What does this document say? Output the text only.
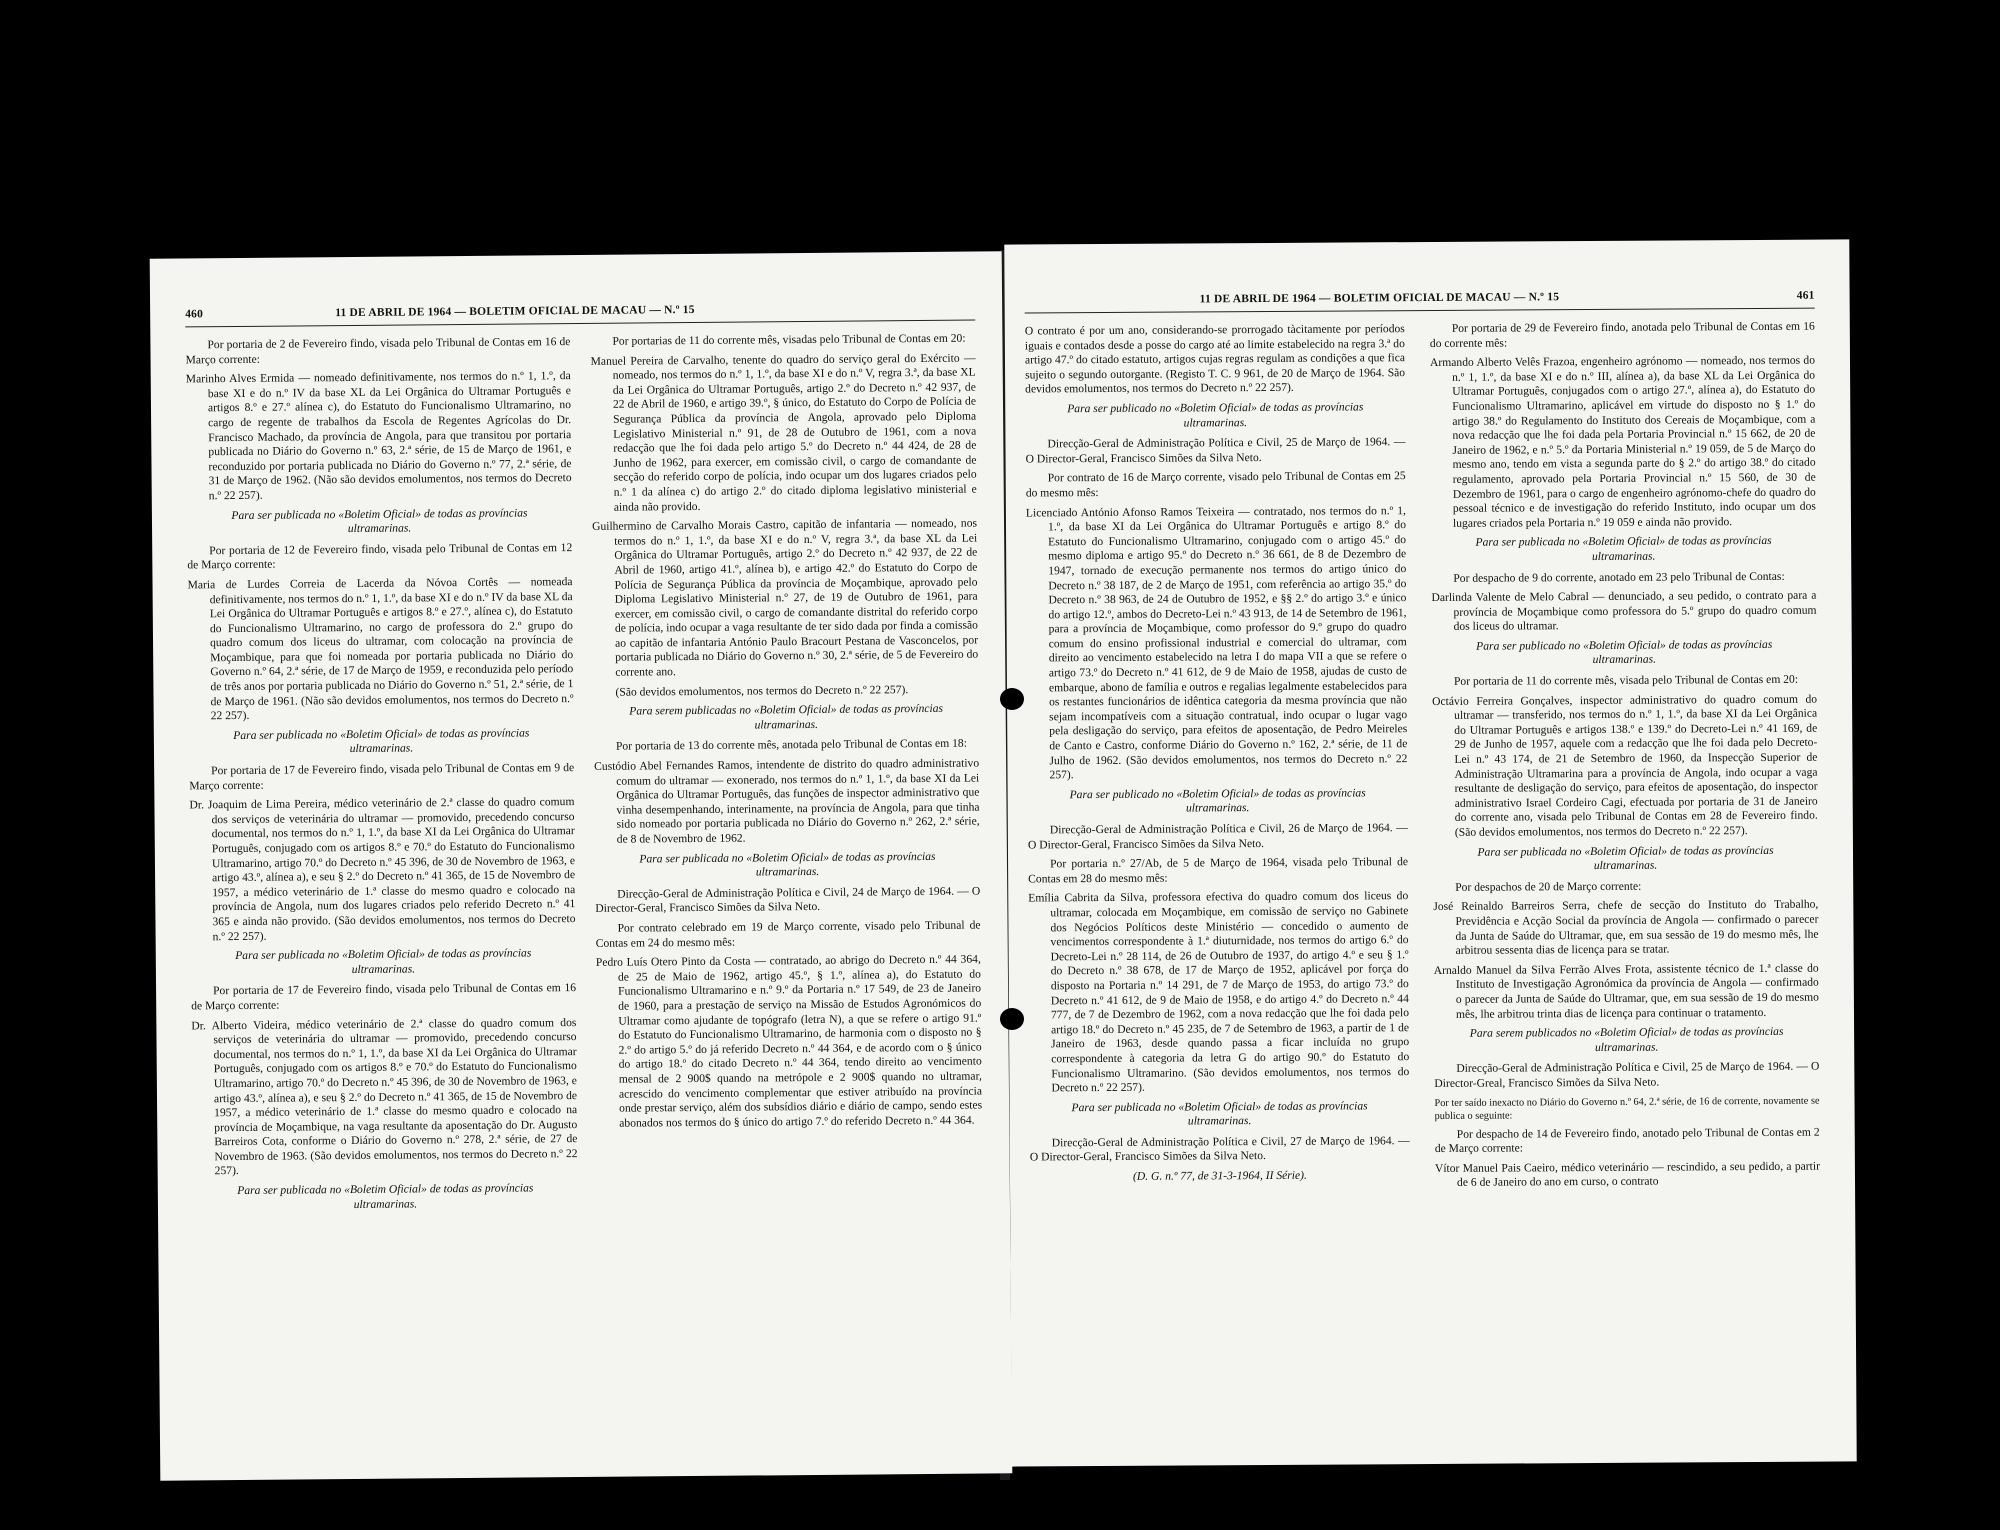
460	11 DE ABRIL DE 1964 — BOLETIM OFICIAL DE MACAU — N.º 15

Por portaria de 2 de Fevereiro findo, visada pelo Tribunal de Contas em 16 de Março corrente:

Marinho Alves Ermida — nomeado definitivamente, nos termos do n.º 1, 1.º, da base XI e do n.º IV da base XL da Lei Orgânica do Ultramar Português e artigos 8.º e 27.º alínea c), do Estatuto do Funcionalismo Ultramarino, no cargo de regente de trabalhos da Escola de Regentes Agrícolas do Dr. Francisco Machado, da província de Angola, para que transitou por portaria publicada no Diário do Governo n.º 63, 2.ª série, de 15 de Março de 1961, e reconduzido por portaria publicada no Diário do Governo n.º 77, 2.ª série, de 31 de Março de 1962. (Não são devidos emolumentos, nos termos do Decreto n.º 22 257).

Para ser publicada no «Boletim Oficial» de todas as províncias ultramarinas.

Por portaria de 12 de Fevereiro findo, visada pelo Tribunal de Contas em 12 de Março corrente:

Maria de Lurdes Correia de Lacerda da Nóvoa Cortês — nomeada definitivamente, nos termos do n.º 1, 1.º, da base XI e do n.º IV da base XL da Lei Orgânica do Ultramar Português e artigos 8.º e 27.º, alínea c), do Estatuto do Funcionalismo Ultramarino, no cargo de professora do 2.º grupo do quadro comum dos liceus do ultramar, com colocação na província de Moçambique, para que foi nomeada por portaria publicada no Diário do Governo n.º 64, 2.ª série, de 17 de Março de 1959, e reconduzida pelo período de três anos por portaria publicada no Diário do Governo n.º 51, 2.ª série, de 1 de Março de 1961. (Não são devidos emolumentos, nos termos do Decreto n.º 22 257).

Para ser publicada no «Boletim Oficial» de todas as províncias ultramarinas.

Por portaria de 17 de Fevereiro findo, visada pelo Tribunal de Contas em 9 de Março corrente:

Dr. Joaquim de Lima Pereira, médico veterinário de 2.ª classe do quadro comum dos serviços de veterinária do ultramar — promovido, precedendo concurso documental, nos termos do n.º 1, 1.º, da base XI da Lei Orgânica do Ultramar Português, conjugado com os artigos 8.º e 70.º do Estatuto do Funcionalismo Ultramarino, artigo 70.º do Decreto n.º 45 396, de 30 de Novembro de 1963, e artigo 43.º, alínea a), e seu § 2.º do Decreto n.º 41 365, de 15 de Novembro de 1957, a médico veterinário de 1.ª classe do mesmo quadro e colocado na província de Angola, num dos lugares criados pelo referido Decreto n.º 41 365 e ainda não provido. (São devidos emolumentos, nos termos do Decreto n.º 22 257).

Para ser publicada no «Boletim Oficial» de todas as províncias ultramarinas.

Por portaria de 17 de Fevereiro findo, visada pelo Tribunal de Contas em 16 de Março corrente:

Dr. Alberto Videira, médico veterinário de 2.ª classe do quadro comum dos serviços de veterinária do ultramar — promovido, precedendo concurso documental, nos termos do n.º 1, 1.º, da base XI da Lei Orgânica do Ultramar Português, conjugado com os artigos 8.º e 70.º do Estatuto do Funcionalismo Ultramarino, artigo 70.º do Decreto n.º 45 396, de 30 de Novembro de 1963, e artigo 43.º, alínea a), e seu § 2.º do Decreto n.º 41 365, de 15 de Novembro de 1957, a médico veterinário de 1.ª classe do mesmo quadro e colocado na província de Moçambique, na vaga resultante da aposentação do Dr. Augusto Barreiros Cota, conforme o Diário do Governo n.º 278, 2.ª série, de 27 de Novembro de 1963. (São devidos emolumentos, nos termos do Decreto n.º 22 257).

Para ser publicada no «Boletim Oficial» de todas as províncias ultramarinas.

Por portarias de 11 do corrente mês, visadas pelo Tribunal de Contas em 20:

Manuel Pereira de Carvalho, tenente do quadro do serviço geral do Exército — nomeado, nos termos do n.º 1, 1.º, da base XI e do n.º V, regra 3.ª, da base XL da Lei Orgânica do Ultramar Português, artigo 2.º do Decreto n.º 42 937, de 22 de Abril de 1960, e artigo 39.º, § único, do Estatuto do Corpo de Polícia de Segurança Pública da província de Angola, aprovado pelo Diploma Legislativo Ministerial n.º 91, de 28 de Outubro de 1961, com a nova redacção que lhe foi dada pelo artigo 5.º do Decreto n.º 44 424, de 28 de Junho de 1962, para exercer, em comissão civil, o cargo de comandante de secção do referido corpo de polícia, indo ocupar um dos lugares criados pelo n.º 1 da alínea c) do artigo 2.º do citado diploma legislativo ministerial e ainda não provido.

Guilhermino de Carvalho Morais Castro, capitão de infantaria — nomeado, nos termos do n.º 1, 1.º, da base XI e do n.º V, regra 3.ª, da base XL da Lei Orgânica do Ultramar Português, artigo 2.º do Decreto n.º 42 937, de 22 de Abril de 1960, artigo 41.º, alínea b), e artigo 42.º do Estatuto do Corpo de Polícia de Segurança Pública da província de Moçambique, aprovado pelo Diploma Legislativo Ministerial n.º 27, de 19 de Outubro de 1961, para exercer, em comissão civil, o cargo de comandante distrital do referido corpo de polícia, indo ocupar a vaga resultante de ter sido dada por finda a comissão ao capitão de infantaria António Paulo Bracourt Pestana de Vasconcelos, por portaria publicada no Diário do Governo n.º 30, 2.ª série, de 5 de Fevereiro do corrente ano.

(São devidos emolumentos, nos termos do Decreto n.º 22 257).

Para serem publicadas no «Boletim Oficial» de todas as províncias ultramarinas.

Por portaria de 13 do corrente mês, anotada pelo Tribunal de Contas em 18:

Custódio Abel Fernandes Ramos, intendente de distrito do quadro administrativo comum do ultramar — exonerado, nos termos do n.º 1, 1.º, da base XI da Lei Orgânica do Ultramar Português, das funções de inspector administrativo que vinha desempenhando, interinamente, na província de Angola, para que tinha sido nomeado por portaria publicada no Diário do Governo n.º 262, 2.ª série, de 8 de Novembro de 1962.

Para ser publicada no «Boletim Oficial» de todas as províncias ultramarinas.

Direcção-Geral de Administração Política e Civil, 24 de Março de 1964. — O Director-Geral, Francisco Simões da Silva Neto.

Por contrato celebrado em 19 de Março corrente, visado pelo Tribunal de Contas em 24 do mesmo mês:

Pedro Luís Otero Pinto da Costa — contratado, ao abrigo do Decreto n.º 44 364, de 25 de Maio de 1962, artigo 45.º, § 1.º, alínea a), do Estatuto do Funcionalismo Ultramarino e n.º 9.º da Portaria n.º 17 549, de 23 de Janeiro de 1960, para a prestação de serviço na Missão de Estudos Agronómicos do Ultramar como ajudante de topógrafo (letra N), a que se refere o artigo 91.º do Estatuto do Funcionalismo Ultramarino, de harmonia com o disposto no § 2.º do artigo 5.º do já referido Decreto n.º 44 364, e de acordo com o § único do artigo 18.º do citado Decreto n.º 44 364, tendo direito ao vencimento mensal de 2 900$ quando na metrópole e 2 900$ quando no ultramar, acrescido do vencimento complementar que estiver atribuído na província onde prestar serviço, além dos subsídios diário e diário de campo, sendo estes abonados nos termos do § único do artigo 7.º do referido Decreto n.º 44 364.

11 DE ABRIL DE 1964 — BOLETIM OFICIAL DE MACAU — N.º 15	461

O contrato é por um ano, considerando-se prorrogado tàcitamente por períodos iguais e contados desde a posse do cargo até ao limite estabelecido na regra 3.ª do artigo 47.º do citado estatuto, artigos cujas regras regulam as condições a que fica sujeito o segundo outorgante. (Registo T. C. 9 961, de 20 de Março de 1964. São devidos emolumentos, nos termos do Decreto n.º 22 257).

Para ser publicado no «Boletim Oficial» de todas as províncias ultramarinas.

Direcção-Geral de Administração Política e Civil, 25 de Março de 1964. — O Director-Geral, Francisco Simões da Silva Neto.

Por contrato de 16 de Março corrente, visado pelo Tribunal de Contas em 25 do mesmo mês:

Licenciado António Afonso Ramos Teixeira — contratado, nos termos do n.º 1, 1.º, da base XI da Lei Orgânica do Ultramar Português e artigo 8.º do Estatuto do Funcionalismo Ultramarino, conjugado com o artigo 45.º do mesmo diploma e artigo 95.º do Decreto n.º 36 661, de 8 de Dezembro de 1947, tornado de execução permanente nos termos do artigo único do Decreto n.º 38 187, de 2 de Março de 1951, com referência ao artigo 35.º do Decreto n.º 38 963, de 24 de Outubro de 1952, e §§ 2.º do artigo 3.º e único do artigo 12.º, ambos do Decreto-Lei n.º 43 913, de 14 de Setembro de 1961, para a província de Moçambique, como professor do 9.º grupo do quadro comum do ensino profissional industrial e comercial do ultramar, com direito ao vencimento estabelecido na letra I do mapa VII a que se refere o artigo 73.º do Decreto n.º 41 612, de 9 de Maio de 1958, ajudas de custo de embarque, abono de família e outros e regalias legalmente estabelecidos para os restantes funcionários de idêntica categoria da mesma província que não sejam incompatíveis com a situação contratual, indo ocupar o lugar vago pela desligação do serviço, para efeitos de aposentação, de Pedro Meireles de Canto e Castro, conforme Diário do Governo n.º 162, 2.ª série, de 11 de Julho de 1962. (São devidos emolumentos, nos termos do Decreto n.º 22 257).

Para ser publicado no «Boletim Oficial» de todas as províncias ultramarinas.

Direcção-Geral de Administração Política e Civil, 26 de Março de 1964. — O Director-Geral, Francisco Simões da Silva Neto.

Por portaria n.º 27/Ab, de 5 de Março de 1964, visada pelo Tribunal de Contas em 28 do mesmo mês:

Emília Cabrita da Silva, professora efectiva do quadro comum dos liceus do ultramar, colocada em Moçambique, em comissão de serviço no Gabinete dos Negócios Políticos deste Ministério — concedido o aumento de vencimentos correspondente à 1.ª diuturnidade, nos termos do artigo 6.º do Decreto-Lei n.º 28 114, de 26 de Outubro de 1937, do artigo 4.º e seu § 1.º do Decreto n.º 38 678, de 17 de Março de 1952, aplicável por força do disposto na Portaria n.º 14 291, de 7 de Março de 1953, do artigo 73.º do Decreto n.º 41 612, de 9 de Maio de 1958, e do artigo 4.º do Decreto n.º 44 777, de 7 de Dezembro de 1962, com a nova redacção que lhe foi dada pelo artigo 18.º do Decreto n.º 45 235, de 7 de Setembro de 1963, a partir de 1 de Janeiro de 1963, desde quando passa a ficar incluída no grupo correspondente à categoria da letra G do artigo 90.º do Estatuto do Funcionalismo Ultramarino. (São devidos emolumentos, nos termos do Decreto n.º 22 257).

Para ser publicada no «Boletim Oficial» de todas as províncias ultramarinas.

Direcção-Geral de Administração Política e Civil, 27 de Março de 1964. — O Director-Geral, Francisco Simões da Silva Neto.

(D. G. n.º 77, de 31-3-1964, II Série).

Por portaria de 29 de Fevereiro findo, anotada pelo Tribunal de Contas em 16 do corrente mês:

Armando Alberto Velês Frazoa, engenheiro agrónomo — nomeado, nos termos do n.º 1, 1.º, da base XI e do n.º III, alínea a), da base XL da Lei Orgânica do Ultramar Português, conjugados com o artigo 27.º, alínea a), do Estatuto do Funcionalismo Ultramarino, aplicável em virtude do disposto no § 1.º do artigo 38.º do Regulamento do Instituto dos Cereais de Moçambique, com a nova redacção que lhe foi dada pela Portaria Provincial n.º 15 662, de 20 de Janeiro de 1962, e n.º 5.º da Portaria Ministerial n.º 19 059, de 5 de Março do mesmo ano, tendo em vista a segunda parte do § 2.º do artigo 38.º do citado regulamento, aprovado pela Portaria Provincial n.º 15 560, de 30 de Dezembro de 1961, para o cargo de engenheiro agrónomo-chefe do quadro do pessoal técnico e de investigação do referido Instituto, indo ocupar um dos lugares criados pela Portaria n.º 19 059 e ainda não provido.

Para ser publicada no «Boletim Oficial» de todas as províncias ultramarinas.

Por despacho de 9 do corrente, anotado em 23 pelo Tribunal de Contas:

Darlinda Valente de Melo Cabral — denunciado, a seu pedido, o contrato para a província de Moçambique como professora do 5.º grupo do quadro comum dos liceus do ultramar.

Para ser publicado no «Boletim Oficial» de todas as províncias ultramarinas.

Por portaria de 11 do corrente mês, visada pelo Tribunal de Contas em 20:

Octávio Ferreira Gonçalves, inspector administrativo do quadro comum do ultramar — transferido, nos termos do n.º 1, 1.º, da base XI da Lei Orgânica do Ultramar Português e artigos 138.º e 139.º do Decreto-Lei n.º 41 169, de 29 de Junho de 1957, aquele com a redacção que lhe foi dada pelo Decreto-Lei n.º 43 174, de 21 de Setembro de 1960, da Inspecção Superior de Administração Ultramarina para a província de Angola, indo ocupar a vaga resultante de desligação do serviço, para efeitos de aposentação, do inspector administrativo Israel Cordeiro Cagi, efectuada por portaria de 31 de Janeiro do corrente ano, visada pelo Tribunal de Contas em 28 de Fevereiro findo. (São devidos emolumentos, nos termos do Decreto n.º 22 257).

Para ser publicada no «Boletim Oficial» de todas as províncias ultramarinas.

Por despachos de 20 de Março corrente:

José Reinaldo Barreiros Serra, chefe de secção do Instituto do Trabalho, Previdência e Acção Social da província de Angola — confirmado o parecer da Junta de Saúde do Ultramar, que, em sua sessão de 19 do mesmo mês, lhe arbitrou sessenta dias de licença para se tratar.

Arnaldo Manuel da Silva Ferrão Alves Frota, assistente técnico de 1.ª classe do Instituto de Investigação Agronómica da província de Angola — confirmado o parecer da Junta de Saúde do Ultramar, que, em sua sessão de 19 do mesmo mês, lhe arbitrou trinta dias de licença para continuar o tratamento.

Para serem publicados no «Boletim Oficial» de todas as províncias ultramarinas.

Direcção-Geral de Administração Política e Civil, 25 de Março de 1964. — O Director-Greal, Francisco Simões da Silva Neto.

Por ter saído inexacto no Diário do Governo n.º 64, 2.ª série, de 16 de corrente, novamente se publica o seguinte:

Por despacho de 14 de Fevereiro findo, anotado pelo Tribunal de Contas em 2 de Março corrente:

Vítor Manuel Pais Caeiro, médico veterinário — rescindido, a seu pedido, a partir de 6 de Janeiro do ano em curso, o contrato
